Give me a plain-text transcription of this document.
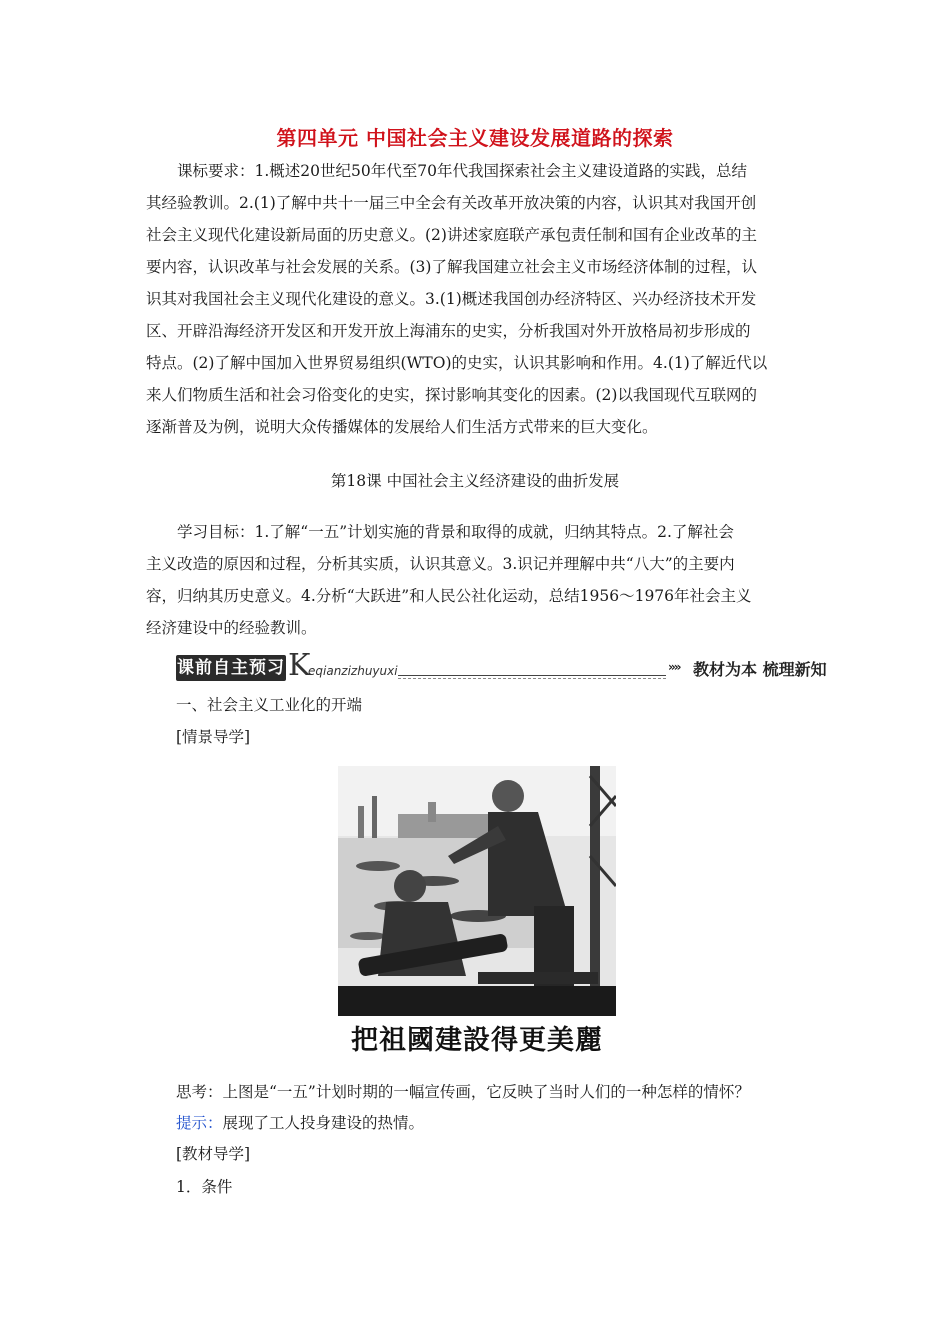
第四单元 中国社会主义建设发展道路的探索
课标要求：1.概述20世纪50年代至70年代我国探索社会主义建设道路的实践，总结
其经验教训。2.(1)了解中共十一届三中全会有关改革开放决策的内容，认识其对我国开创
社会主义现代化建设新局面的历史意义。(2)讲述家庭联产承包责任制和国有企业改革的主
要内容，认识改革与社会发展的关系。(3)了解我国建立社会主义市场经济体制的过程，认
识其对我国社会主义现代化建设的意义。3.(1)概述我国创办经济特区、兴办经济技术开发
区、开辟沿海经济开发区和开发开放上海浦东的史实，分析我国对外开放格局初步形成的
特点。(2)了解中国加入世界贸易组织(WTO)的史实，认识其影响和作用。4.(1)了解近代以
来人们物质生活和社会习俗变化的史实，探讨影响其变化的因素。(2)以我国现代互联网的
逐渐普及为例，说明大众传播媒体的发展给人们生活方式带来的巨大变化。
第18课 中国社会主义经济建设的曲折发展
学习目标：1.了解“一五”计划实施的背景和取得的成就，归纳其特点。2.了解社会
主义改造的原因和过程，分析其实质，认识其意义。3.识记并理解中共“八大”的主要内
容，归纳其历史意义。4.分析“大跃进”和人民公社化运动，总结1956～1976年社会主义
经济建设中的经验教训。
课前自主预习 K
eqianzizhuyuxi	»» 教材为本 梳理新知
一、社会主义工业化的开端
[情景导学]
把祖國建設得更美麗
思考：上图是“一五”计划时期的一幅宣传画，它反映了当时人们的一种怎样的情怀？
提示：展现了工人投身建设的热情。
[教材导学]
1．条件
